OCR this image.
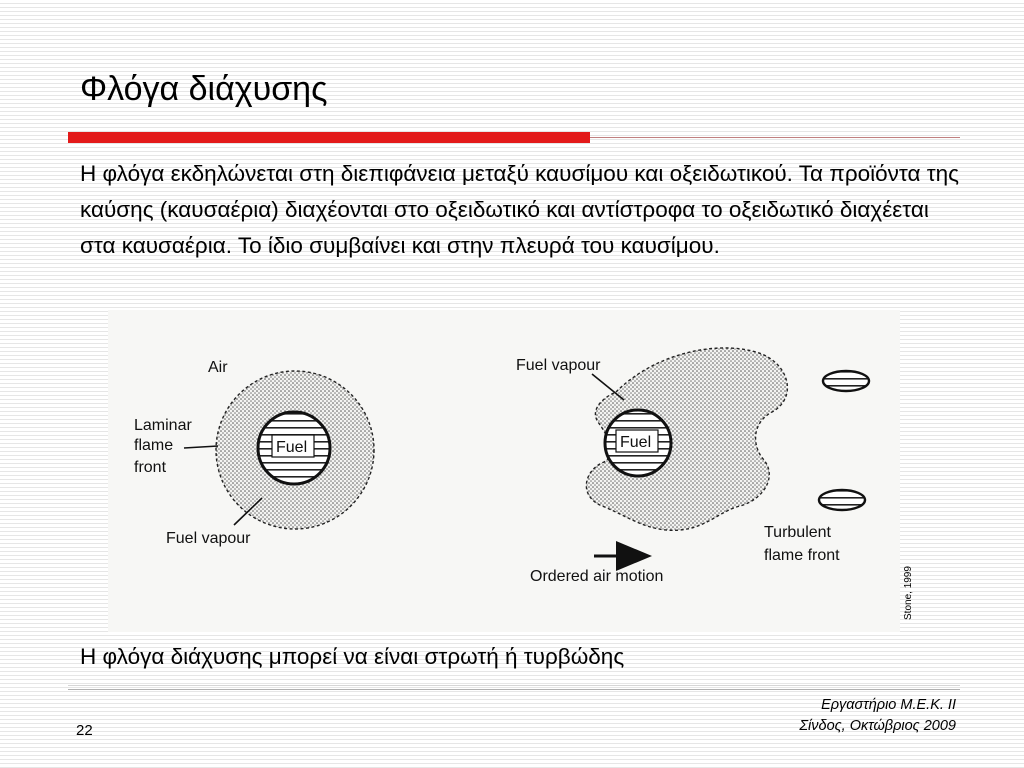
Φλόγα διάχυσης

Η φλόγα εκδηλώνεται στη διεπιφάνεια μεταξύ καυσίμου και οξειδωτικού. Τα προϊόντα της καύσης (καυσαέρια) διαχέονται στο οξειδωτικό και αντίστροφα το οξειδωτικό διαχέεται στα καυσαέρια. Το ίδιο συμβαίνει και στην πλευρά του καυσίμου.

Fuel
Air
Laminar
flame
front
Fuel vapour
Fuel
Fuel vapour
Turbulent
flame front
Ordered air motion	Stone, 1999

Η φλόγα διάχυσης μπορεί να είναι στρωτή ή τυρβώδης

Εργαστήριο Μ.Ε.Κ. ΙΙ
Σίνδος, Οκτώβριος 2009
22
